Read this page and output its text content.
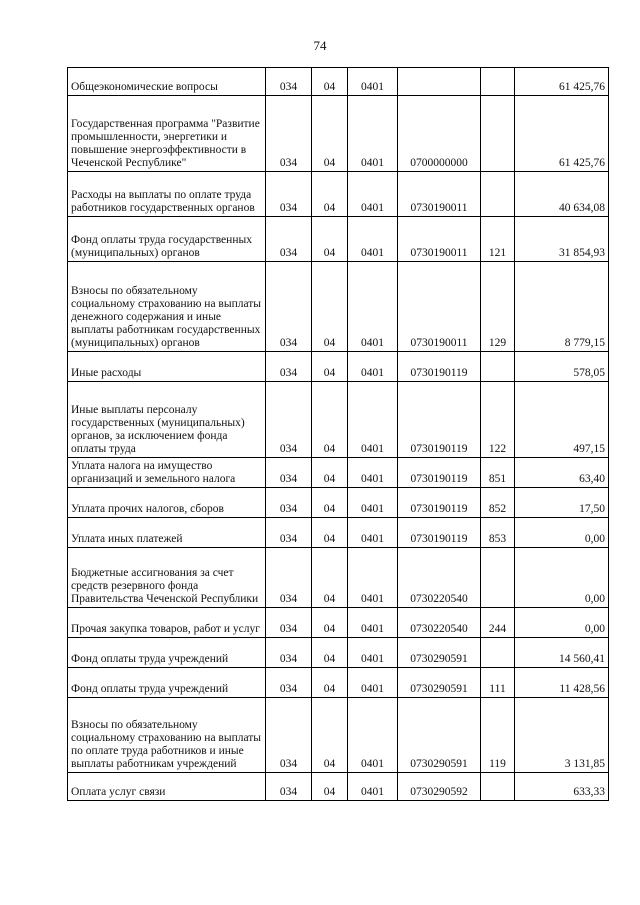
74
Общеэкономические вопросы	034	04	0401			61 425,76
Государственная программа "Развитие промышленности, энергетики и повышение энергоэффективности в Чеченской Республике"	034	04	0401	0700000000		61 425,76
Расходы на выплаты по оплате труда работников государственных органов	034	04	0401	0730190011		40 634,08
Фонд оплаты труда государственных (муниципальных) органов	034	04	0401	0730190011	121	31 854,93
Взносы по обязательному социальному страхованию на выплаты денежного содержания и иные выплаты работникам государственных (муниципальных) органов	034	04	0401	0730190011	129	8 779,15
Иные расходы	034	04	0401	0730190119		578,05
Иные выплаты персоналу государственных (муниципальных) органов, за исключением фонда оплаты труда	034	04	0401	0730190119	122	497,15
Уплата налога на имущество организаций и земельного налога	034	04	0401	0730190119	851	63,40
Уплата прочих налогов, сборов	034	04	0401	0730190119	852	17,50
Уплата иных платежей	034	04	0401	0730190119	853	0,00
Бюджетные ассигнования за счет средств резервного фонда Правительства Чеченской Республики	034	04	0401	0730220540		0,00
Прочая закупка товаров, работ и услуг	034	04	0401	0730220540	244	0,00
Фонд оплаты труда учреждений	034	04	0401	0730290591		14 560,41
Фонд оплаты труда учреждений	034	04	0401	0730290591	111	11 428,56
Взносы по обязательному социальному страхованию на выплаты по оплате труда работников и иные выплаты работникам учреждений	034	04	0401	0730290591	119	3 131,85
Оплата услуг связи	034	04	0401	0730290592		633,33
